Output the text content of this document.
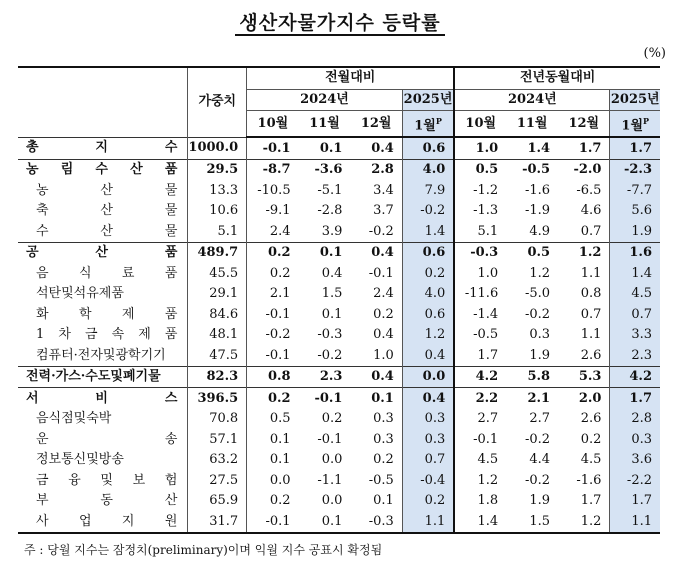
생산자물가지수 등락률
(%)
	가중치	전월대비				전년동월대비			
		2024년			2025년	2024년			2025년
		10월	11월	12월	1월$^P$	10월	11월	12월	1월$^P$
총 지 수	1000.0	-0.1	0.1	0.4	0.6	1.0	1.4	1.7	1.7
농 림 수 산 품	29.5	-8.7	-3.6	2.8	4.0	0.5	-0.5	-2.0	-2.3
농 산 물	13.3	-10.5	-5.1	3.4	7.9	-1.2	-1.6	-6.5	-7.7
축 산 물	10.6	-9.1	-2.8	3.7	-0.2	-1.3	-1.9	4.6	5.6
수 산 물	5.1	2.4	3.9	-0.2	1.4	5.1	4.9	0.7	1.9
공 산 품	489.7	0.2	0.1	0.4	0.6	-0.3	0.5	1.2	1.6
음 식 료 품	45.5	0.2	0.4	-0.1	0.2	1.0	1.2	1.1	1.4
석탄및석유제품	29.1	2.1	1.5	2.4	4.0	-11.6	-5.0	0.8	4.5
화 학 제 품	84.6	-0.1	0.1	0.2	0.6	-1.4	-0.2	0.7	0.7
1 차 금 속 제 품	48.1	-0.2	-0.3	0.4	1.2	-0.5	0.3	1.1	3.3
컴퓨터·전자및광학기기	47.5	-0.1	-0.2	1.0	0.4	1.7	1.9	2.6	2.3
전력·가스·수도및폐기물	82.3	0.8	2.3	0.4	0.0	4.2	5.8	5.3	4.2
서 비 스	396.5	0.2	-0.1	0.1	0.4	2.2	2.1	2.0	1.7
음식점및숙박	70.8	0.5	0.2	0.3	0.3	2.7	2.7	2.6	2.8
운 송	57.1	0.1	-0.1	0.3	0.3	-0.1	-0.2	0.2	0.3
정보통신및방송	63.2	0.1	0.0	0.2	0.7	4.5	4.4	4.5	3.6
금 융 및 보 험	27.5	0.0	-1.1	-0.5	-0.4	1.2	-0.2	-1.6	-2.2
부 동 산	65.9	0.2	0.0	0.1	0.2	1.8	1.9	1.7	1.7
사 업 지 원	31.7	-0.1	0.1	-0.3	1.1	1.4	1.5	1.2	1.1
주 : 당월 지수는 잠정치(preliminary)이며 익월 지수 공표시 확정됨
